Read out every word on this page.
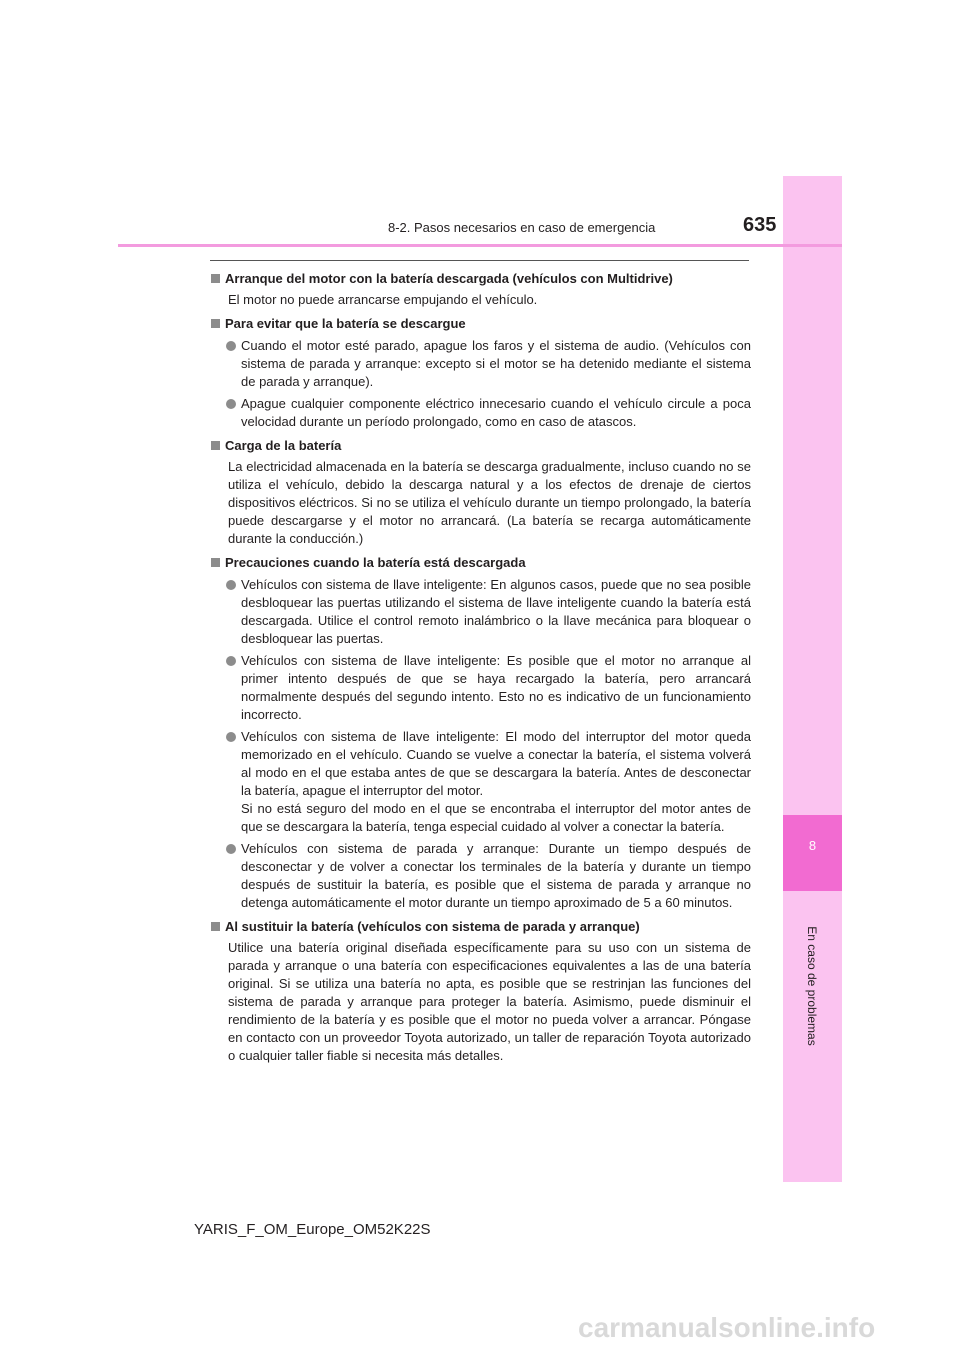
8
En caso de problemas
8-2. Pasos necesarios en caso de emergencia	635
Arranque del motor con la batería descargada (vehículos con Multidrive)
El motor no puede arrancarse empujando el vehículo.
Para evitar que la batería se descargue
Cuando el motor esté parado, apague los faros y el sistema de audio. (Vehículos con sistema de parada y arranque: excepto si el motor se ha detenido mediante el sistema de parada y arranque).
Apague cualquier componente eléctrico innecesario cuando el vehículo circule a poca velocidad durante un período prolongado, como en caso de atascos.
Carga de la batería
La electricidad almacenada en la batería se descarga gradualmente, incluso cuando no se utiliza el vehículo, debido la descarga natural y a los efectos de drenaje de ciertos dispositivos eléctricos. Si no se utiliza el vehículo durante un tiempo prolongado, la batería puede descargarse y el motor no arrancará. (La batería se recarga automáticamente durante la conducción.)
Precauciones cuando la batería está descargada
Vehículos con sistema de llave inteligente: En algunos casos, puede que no sea posible desbloquear las puertas utilizando el sistema de llave inteligente cuando la batería está descargada. Utilice el control remoto inalámbrico o la llave mecánica para bloquear o desbloquear las puertas.
Vehículos con sistema de llave inteligente: Es posible que el motor no arranque al primer intento después de que se haya recargado la batería, pero arrancará normalmente después del segundo intento. Esto no es indicativo de un funcionamiento incorrecto.
Vehículos con sistema de llave inteligente: El modo del interruptor del motor queda memorizado en el vehículo. Cuando se vuelve a conectar la batería, el sistema volverá al modo en el que estaba antes de que se descargara la batería. Antes de desconectar la batería, apague el interruptor del motor.
Si no está seguro del modo en el que se encontraba el interruptor del motor antes de que se descargara la batería, tenga especial cuidado al volver a conectar la batería.
Vehículos con sistema de parada y arranque: Durante un tiempo después de desconectar y de volver a conectar los terminales de la batería y durante un tiempo después de sustituir la batería, es posible que el sistema de parada y arranque no detenga automáticamente el motor durante un tiempo aproximado de 5 a 60 minutos.
Al sustituir la batería (vehículos con sistema de parada y arranque)
Utilice una batería original diseñada específicamente para su uso con un sistema de parada y arranque o una batería con especificaciones equivalentes a las de una batería original. Si se utiliza una batería no apta, es posible que se restrinjan las funciones del sistema de parada y arranque para proteger la batería. Asimismo, puede disminuir el rendimiento de la batería y es posible que el motor no pueda volver a arrancar. Póngase en contacto con un proveedor Toyota autorizado, un taller de reparación Toyota autorizado o cualquier taller fiable si necesita más detalles.
YARIS_F_OM_Europe_OM52K22S
carmanualsonline.info
